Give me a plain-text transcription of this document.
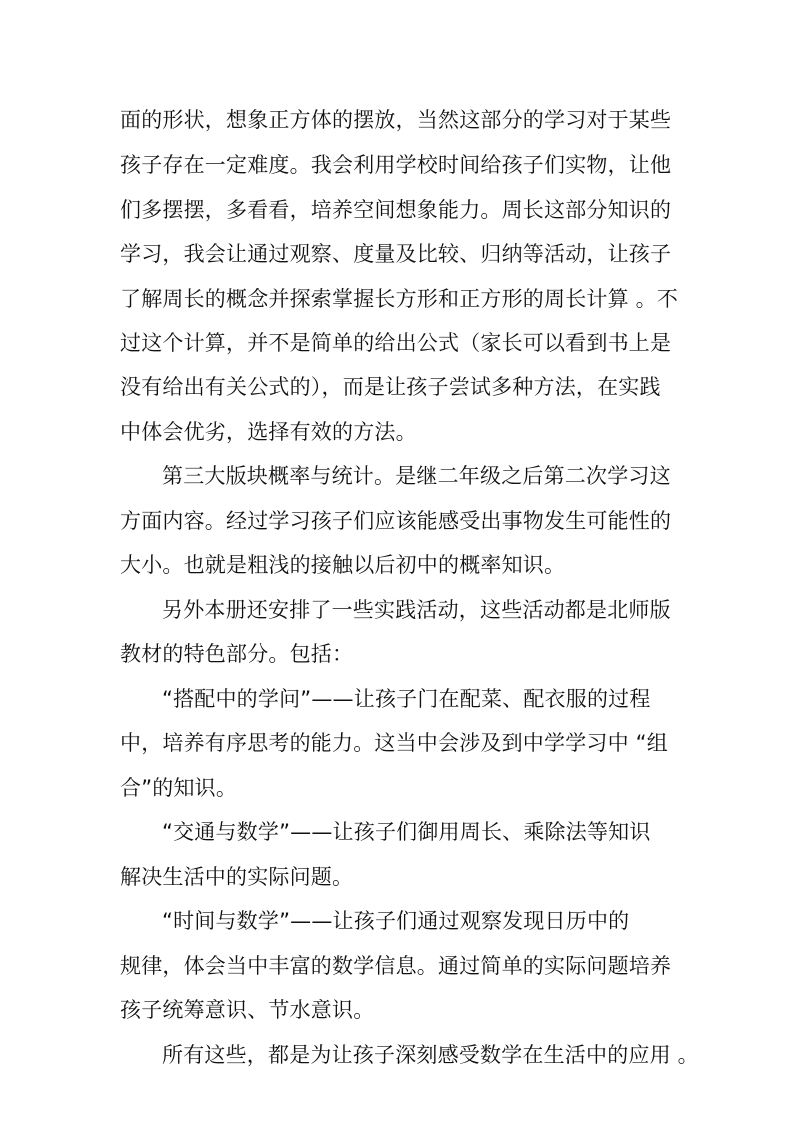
面的形状，想象正方体的摆放，当然这部分的学习对于某些
孩子存在一定难度。我会利用学校时间给孩子们实物，让他
们多摆摆，多看看，培养空间想象能力。周长这部分知识的
学习，我会让通过观察、度量及比较、归纳等活动，让孩子
了解周长的概念并探索掌握长方形和正方形的周长计算 。不
过这个计算，并不是简单的给出公式（家长可以看到书上是
没有给出有关公式的），而是让孩子尝试多种方法，在实践
中体会优劣，选择有效的方法。
第三大版块概率与统计。是继二年级之后第二次学习这
方面内容。经过学习孩子们应该能感受出事物发生可能性的
大小。也就是粗浅的接触以后初中的概率知识。
另外本册还安排了一些实践活动，这些活动都是北师版
教材的特色部分。包括：
“搭配中的学问”——让孩子门在配菜、配衣服的过程
中，培养有序思考的能力。这当中会涉及到中学学习中 “组
合”的知识。
“交通与数学”——让孩子们御用周长、乘除法等知识
解决生活中的实际问题。
“时间与数学”——让孩子们通过观察发现日历中的
规律，体会当中丰富的数学信息。通过简单的实际问题培养
孩子统筹意识、节水意识。
所有这些，都是为让孩子深刻感受数学在生活中的应用 。
